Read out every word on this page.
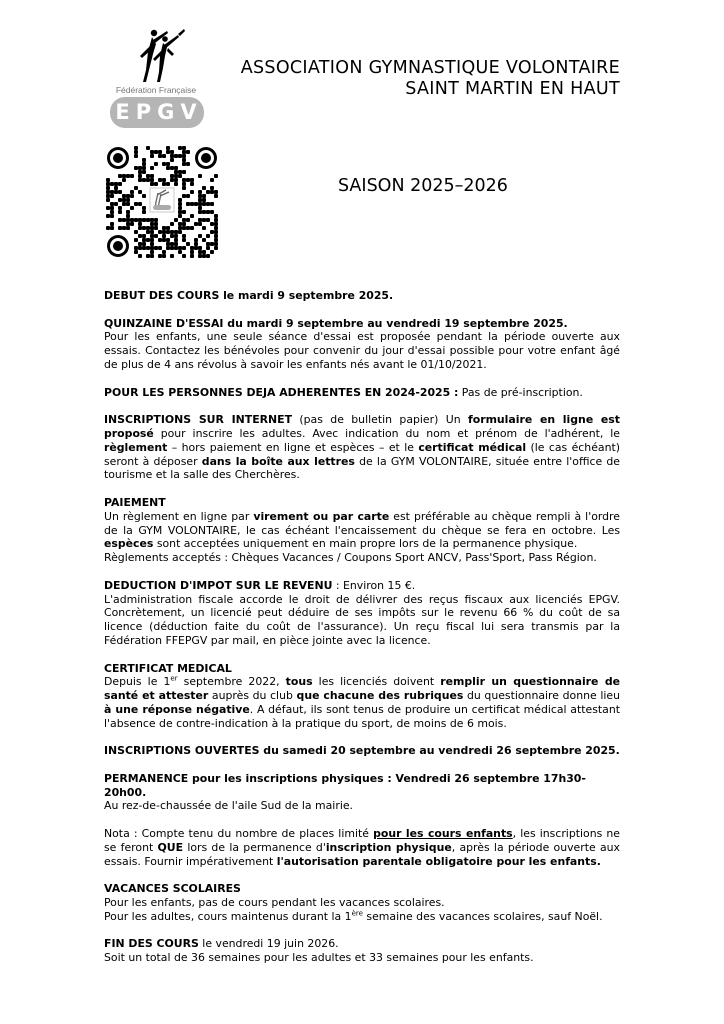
Fédération Française
EPGV
ASSOCIATION GYMNASTIQUE VOLONTAIRE
SAINT MARTIN EN HAUT
SAISON 2025–2026

DEBUT DES COURS le mardi 9 septembre 2025.

QUINZAINE D'ESSAI du mardi 9 septembre au vendredi 19 septembre 2025.

Pour les enfants, une seule séance d'essai est proposée pendant la période ouverte aux essais. Contactez les bénévoles pour convenir du jour d'essai possible pour votre enfant âgé de plus de 4 ans révolus à savoir les enfants nés avant le 01/10/2021.

POUR LES PERSONNES DEJA ADHERENTES EN 2024-2025 : Pas de pré-inscription.

INSCRIPTIONS SUR INTERNET (pas de bulletin papier) Un formulaire en ligne est proposé pour inscrire les adultes. Avec indication du nom et prénom de l'adhérent, le règlement – hors paiement en ligne et espèces – et le certificat médical (le cas échéant) seront à déposer dans la boîte aux lettres de la GYM VOLONTAIRE, située entre l'office de tourisme et la salle des Cherchères.

PAIEMENT

Un règlement en ligne par virement ou par carte est préférable au chèque rempli à l'ordre de la GYM VOLONTAIRE, le cas échéant l'encaissement du chèque se fera en octobre. Les espèces sont acceptées uniquement en main propre lors de la permanence physique.

Règlements acceptés : Chèques Vacances / Coupons Sport ANCV, Pass'Sport, Pass Région.

DEDUCTION D'IMPOT SUR LE REVENU : Environ 15 €.

L'administration fiscale accorde le droit de délivrer des reçus fiscaux aux licenciés EPGV. Concrètement, un licencié peut déduire de ses impôts sur le revenu 66 % du coût de sa licence (déduction faite du coût de l'assurance). Un reçu fiscal lui sera transmis par la Fédération FFEPGV par mail, en pièce jointe avec la licence.

CERTIFICAT MEDICAL

Depuis le 1er septembre 2022, tous les licenciés doivent remplir un questionnaire de santé et attester auprès du club que chacune des rubriques du questionnaire donne lieu à une réponse négative. A défaut, ils sont tenus de produire un certificat médical attestant l'absence de contre-indication à la pratique du sport, de moins de 6 mois.

INSCRIPTIONS OUVERTES du samedi 20 septembre au vendredi 26 septembre 2025.

PERMANENCE pour les inscriptions physiques : Vendredi 26 septembre 17h30-20h00.

Au rez-de-chaussée de l'aile Sud de la mairie.

Nota : Compte tenu du nombre de places limité pour les cours enfants, les inscriptions ne se feront QUE lors de la permanence d'inscription physique, après la période ouverte aux essais. Fournir impérativement l'autorisation parentale obligatoire pour les enfants.

VACANCES SCOLAIRES

Pour les enfants, pas de cours pendant les vacances scolaires.

Pour les adultes, cours maintenus durant la 1ère semaine des vacances scolaires, sauf Noël.

FIN DES COURS le vendredi 19 juin 2026.

Soit un total de 36 semaines pour les adultes et 33 semaines pour les enfants.
